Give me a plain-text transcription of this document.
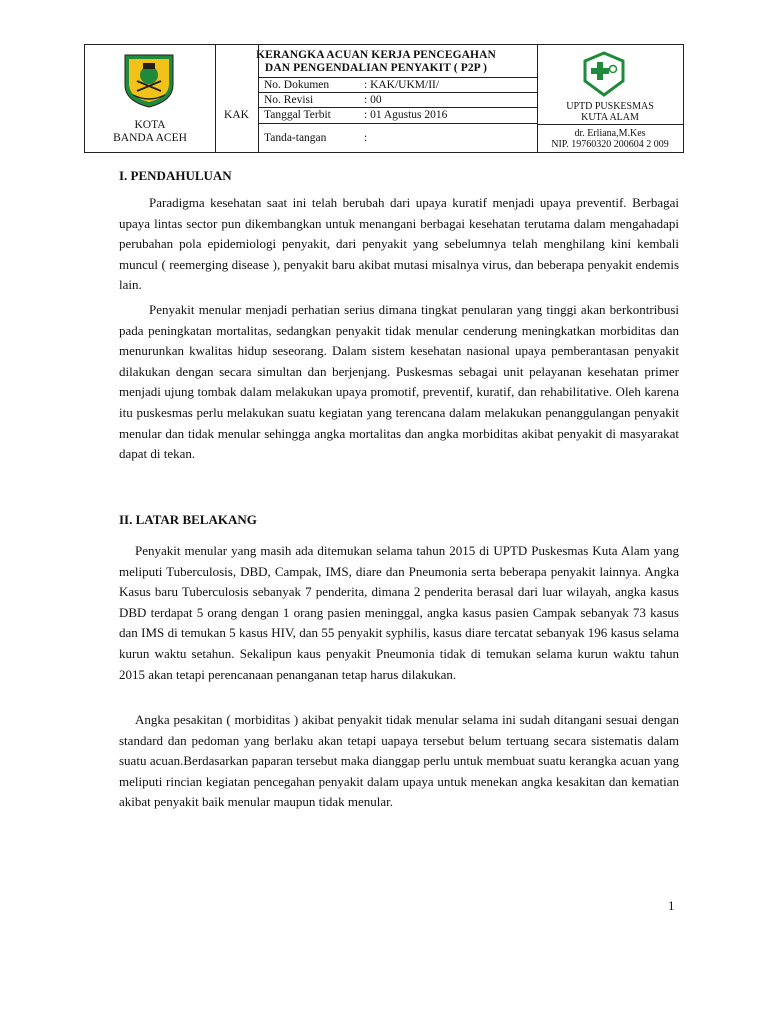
KOTA
BANDA ACEH
KERANGKA ACUAN KERJA PENCEGAHAN
DAN PENGENDALIAN PENYAKIT ( P2P )
KAK
No. Dokumen	: KAK/UKM/II/
No. Revisi	: 00
Tanggal Terbit	: 01 Agustus 2016
Tanda-tangan	:
UPTD PUSKESMAS
KUTA ALAM
dr. Erliana,M.Kes
NIP. 19760320 200604 2 009
I. PENDAHULUAN

Paradigma kesehatan saat ini telah berubah dari upaya kuratif menjadi upaya preventif. Berbagai upaya lintas sector pun dikembangkan untuk menangani berbagai kesehatan terutama dalam mengahadapi perubahan pola epidemiologi penyakit, dari penyakit yang sebelumnya telah menghilang kini kembali muncul ( reemerging disease ), penyakit baru akibat mutasi misalnya virus, dan beberapa penyakit endemis lain.

Penyakit menular menjadi perhatian serius dimana tingkat penularan yang tinggi akan berkontribusi pada peningkatan mortalitas, sedangkan penyakit tidak menular cenderung meningkatkan morbiditas dan menurunkan kwalitas hidup seseorang. Dalam sistem kesehatan nasional upaya pemberantasan penyakit dilakukan dengan secara simultan dan berjenjang. Puskesmas sebagai unit pelayanan kesehatan primer menjadi ujung tombak dalam melakukan upaya promotif, preventif, kuratif, dan rehabilitative. Oleh karena itu puskesmas perlu melakukan suatu kegiatan yang terencana dalam melakukan penanggulangan penyakit menular dan tidak menular sehingga angka mortalitas dan angka morbiditas akibat penyakit di masyarakat dapat di tekan.

II. LATAR BELAKANG

Penyakit menular yang masih ada ditemukan selama tahun 2015 di UPTD Puskesmas Kuta Alam yang meliputi Tuberculosis, DBD, Campak, IMS, diare dan Pneumonia serta beberapa penyakit lainnya. Angka Kasus baru Tuberculosis sebanyak 7 penderita, dimana 2 penderita berasal dari luar wilayah, angka kasus DBD terdapat 5 orang dengan 1 orang pasien meninggal, angka kasus pasien Campak sebanyak 73 kasus dan IMS di temukan 5 kasus HIV, dan 55 penyakit syphilis, kasus diare tercatat sebanyak 196 kasus selama kurun waktu setahun. Sekalipun kaus penyakit Pneumonia tidak di temukan selama kurun waktu tahun 2015 akan tetapi perencanaan penanganan tetap harus dilakukan.

Angka pesakitan ( morbiditas ) akibat penyakit tidak menular selama ini sudah ditangani sesuai dengan standard dan pedoman yang berlaku akan tetapi uapaya tersebut belum tertuang secara sistematis dalam suatu acuan.Berdasarkan paparan tersebut maka dianggap perlu untuk membuat suatu kerangka acuan yang meliputi rincian kegiatan pencegahan penyakit dalam upaya untuk menekan angka kesakitan dan kematian akibat penyakit baik menular maupun tidak menular.

1
